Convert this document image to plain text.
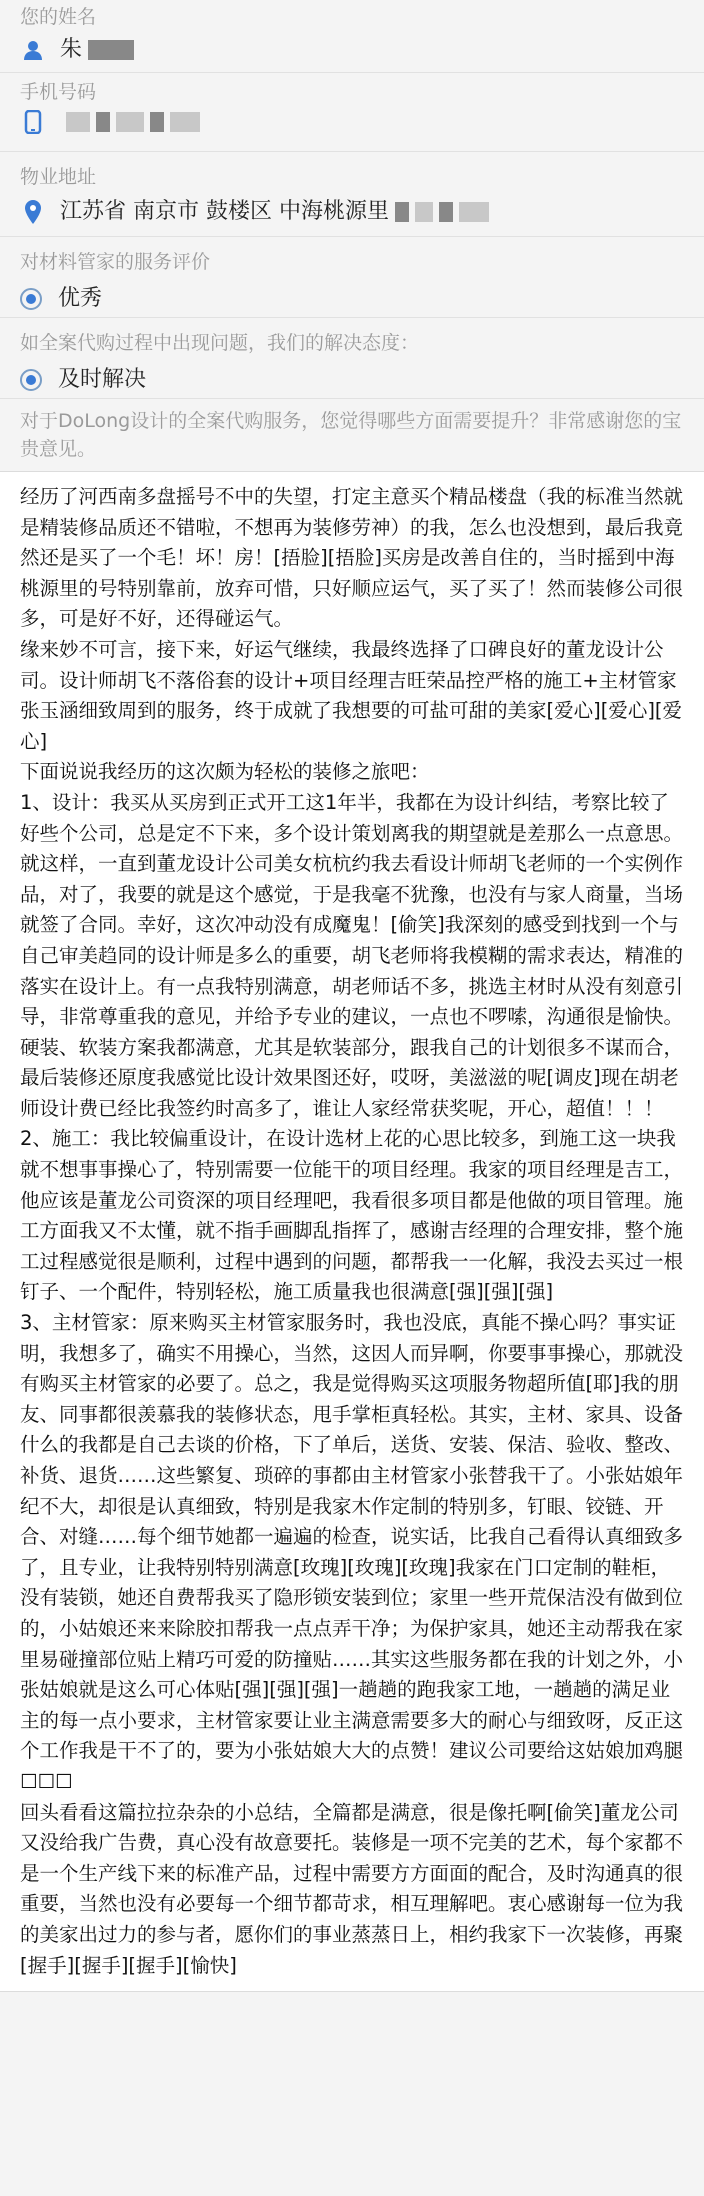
您的姓名
朱
手机号码
物业地址
江苏省 南京市 鼓楼区 中海桃源里
对材料管家的服务评价
优秀
如全案代购过程中出现问题，我们的解决态度：
及时解决
对于DoLong设计的全案代购服务，您觉得哪些方面需要提升？非常感谢您的宝贵意见。

经历了河西南多盘摇号不中的失望，打定主意买个精品楼盘（我的标准当然就是精装修品质还不错啦，不想再为装修劳神）的我，怎么也没想到，最后我竟然还是买了一个毛！坏！房！[捂脸][捂脸]买房是改善自住的，当时摇到中海桃源里的号特别靠前，放弃可惜，只好顺应运气，买了买了！然而装修公司很多，可是好不好，还得碰运气。

缘来妙不可言，接下来，好运气继续，我最终选择了口碑良好的董龙设计公司。设计师胡飞不落俗套的设计+项目经理吉旺荣品控严格的施工+主材管家张玉涵细致周到的服务，终于成就了我想要的可盐可甜的美家[爱心][爱心][爱心]

下面说说我经历的这次颇为轻松的装修之旅吧：

1、设计：我买从买房到正式开工这1年半，我都在为设计纠结，考察比较了好些个公司，总是定不下来，多个设计策划离我的期望就是差那么一点意思。就这样，一直到董龙设计公司美女杭杭约我去看设计师胡飞老师的一个实例作品，对了，我要的就是这个感觉，于是我毫不犹豫，也没有与家人商量，当场就签了合同。幸好，这次冲动没有成魔鬼！[偷笑]我深刻的感受到找到一个与自己审美趋同的设计师是多么的重要，胡飞老师将我模糊的需求表达，精准的落实在设计上。有一点我特别满意，胡老师话不多，挑选主材时从没有刻意引导，非常尊重我的意见，并给予专业的建议，一点也不啰嗦，沟通很是愉快。硬装、软装方案我都满意，尤其是软装部分，跟我自己的计划很多不谋而合，最后装修还原度我感觉比设计效果图还好，哎呀，美滋滋的呢[调皮]现在胡老师设计费已经比我签约时高多了，谁让人家经常获奖呢，开心，超值！！！

2、施工：我比较偏重设计，在设计选材上花的心思比较多，到施工这一块我就不想事事操心了，特别需要一位能干的项目经理。我家的项目经理是吉工，他应该是董龙公司资深的项目经理吧，我看很多项目都是他做的项目管理。施工方面我又不太懂，就不指手画脚乱指挥了，感谢吉经理的合理安排，整个施工过程感觉很是顺利，过程中遇到的问题，都帮我一一化解，我没去买过一根钉子、一个配件，特别轻松，施工质量我也很满意[强][强][强]

3、主材管家：原来购买主材管家服务时，我也没底，真能不操心吗？事实证明，我想多了，确实不用操心，当然，这因人而异啊，你要事事操心，那就没有购买主材管家的必要了。总之，我是觉得购买这项服务物超所值[耶]我的朋友、同事都很羡慕我的装修状态，甩手掌柜真轻松。其实，主材、家具、设备什么的我都是自己去谈的价格，下了单后，送货、安装、保洁、验收、整改、补货、退货……这些繁复、琐碎的事都由主材管家小张替我干了。小张姑娘年纪不大，却很是认真细致，特别是我家木作定制的特别多，钉眼、铰链、开合、对缝……每个细节她都一遍遍的检查，说实话，比我自己看得认真细致多了，且专业，让我特别特别满意[玫瑰][玫瑰][玫瑰]我家在门口定制的鞋柜，没有装锁，她还自费帮我买了隐形锁安装到位；家里一些开荒保洁没有做到位的，小姑娘还来来除胶扣帮我一点点弄干净；为保护家具，她还主动帮我在家里易碰撞部位贴上精巧可爱的防撞贴……其实这些服务都在我的计划之外，小张姑娘就是这么可心体贴[强][强][强]一趟趟的跑我家工地，一趟趟的满足业主的每一点小要求，主材管家要让业主满意需要多大的耐心与细致呀，反正这个工作我是干不了的，要为小张姑娘大大的点赞！建议公司要给这姑娘加鸡腿☐☐☐

回头看看这篇拉拉杂杂的小总结，全篇都是满意，很是像托啊[偷笑]董龙公司又没给我广告费，真心没有故意要托。装修是一项不完美的艺术，每个家都不是一个生产线下来的标准产品，过程中需要方方面面的配合，及时沟通真的很重要，当然也没有必要每一个细节都苛求，相互理解吧。衷心感谢每一位为我的美家出过力的参与者，愿你们的事业蒸蒸日上，相约我家下一次装修，再聚[握手][握手][握手][愉快]
